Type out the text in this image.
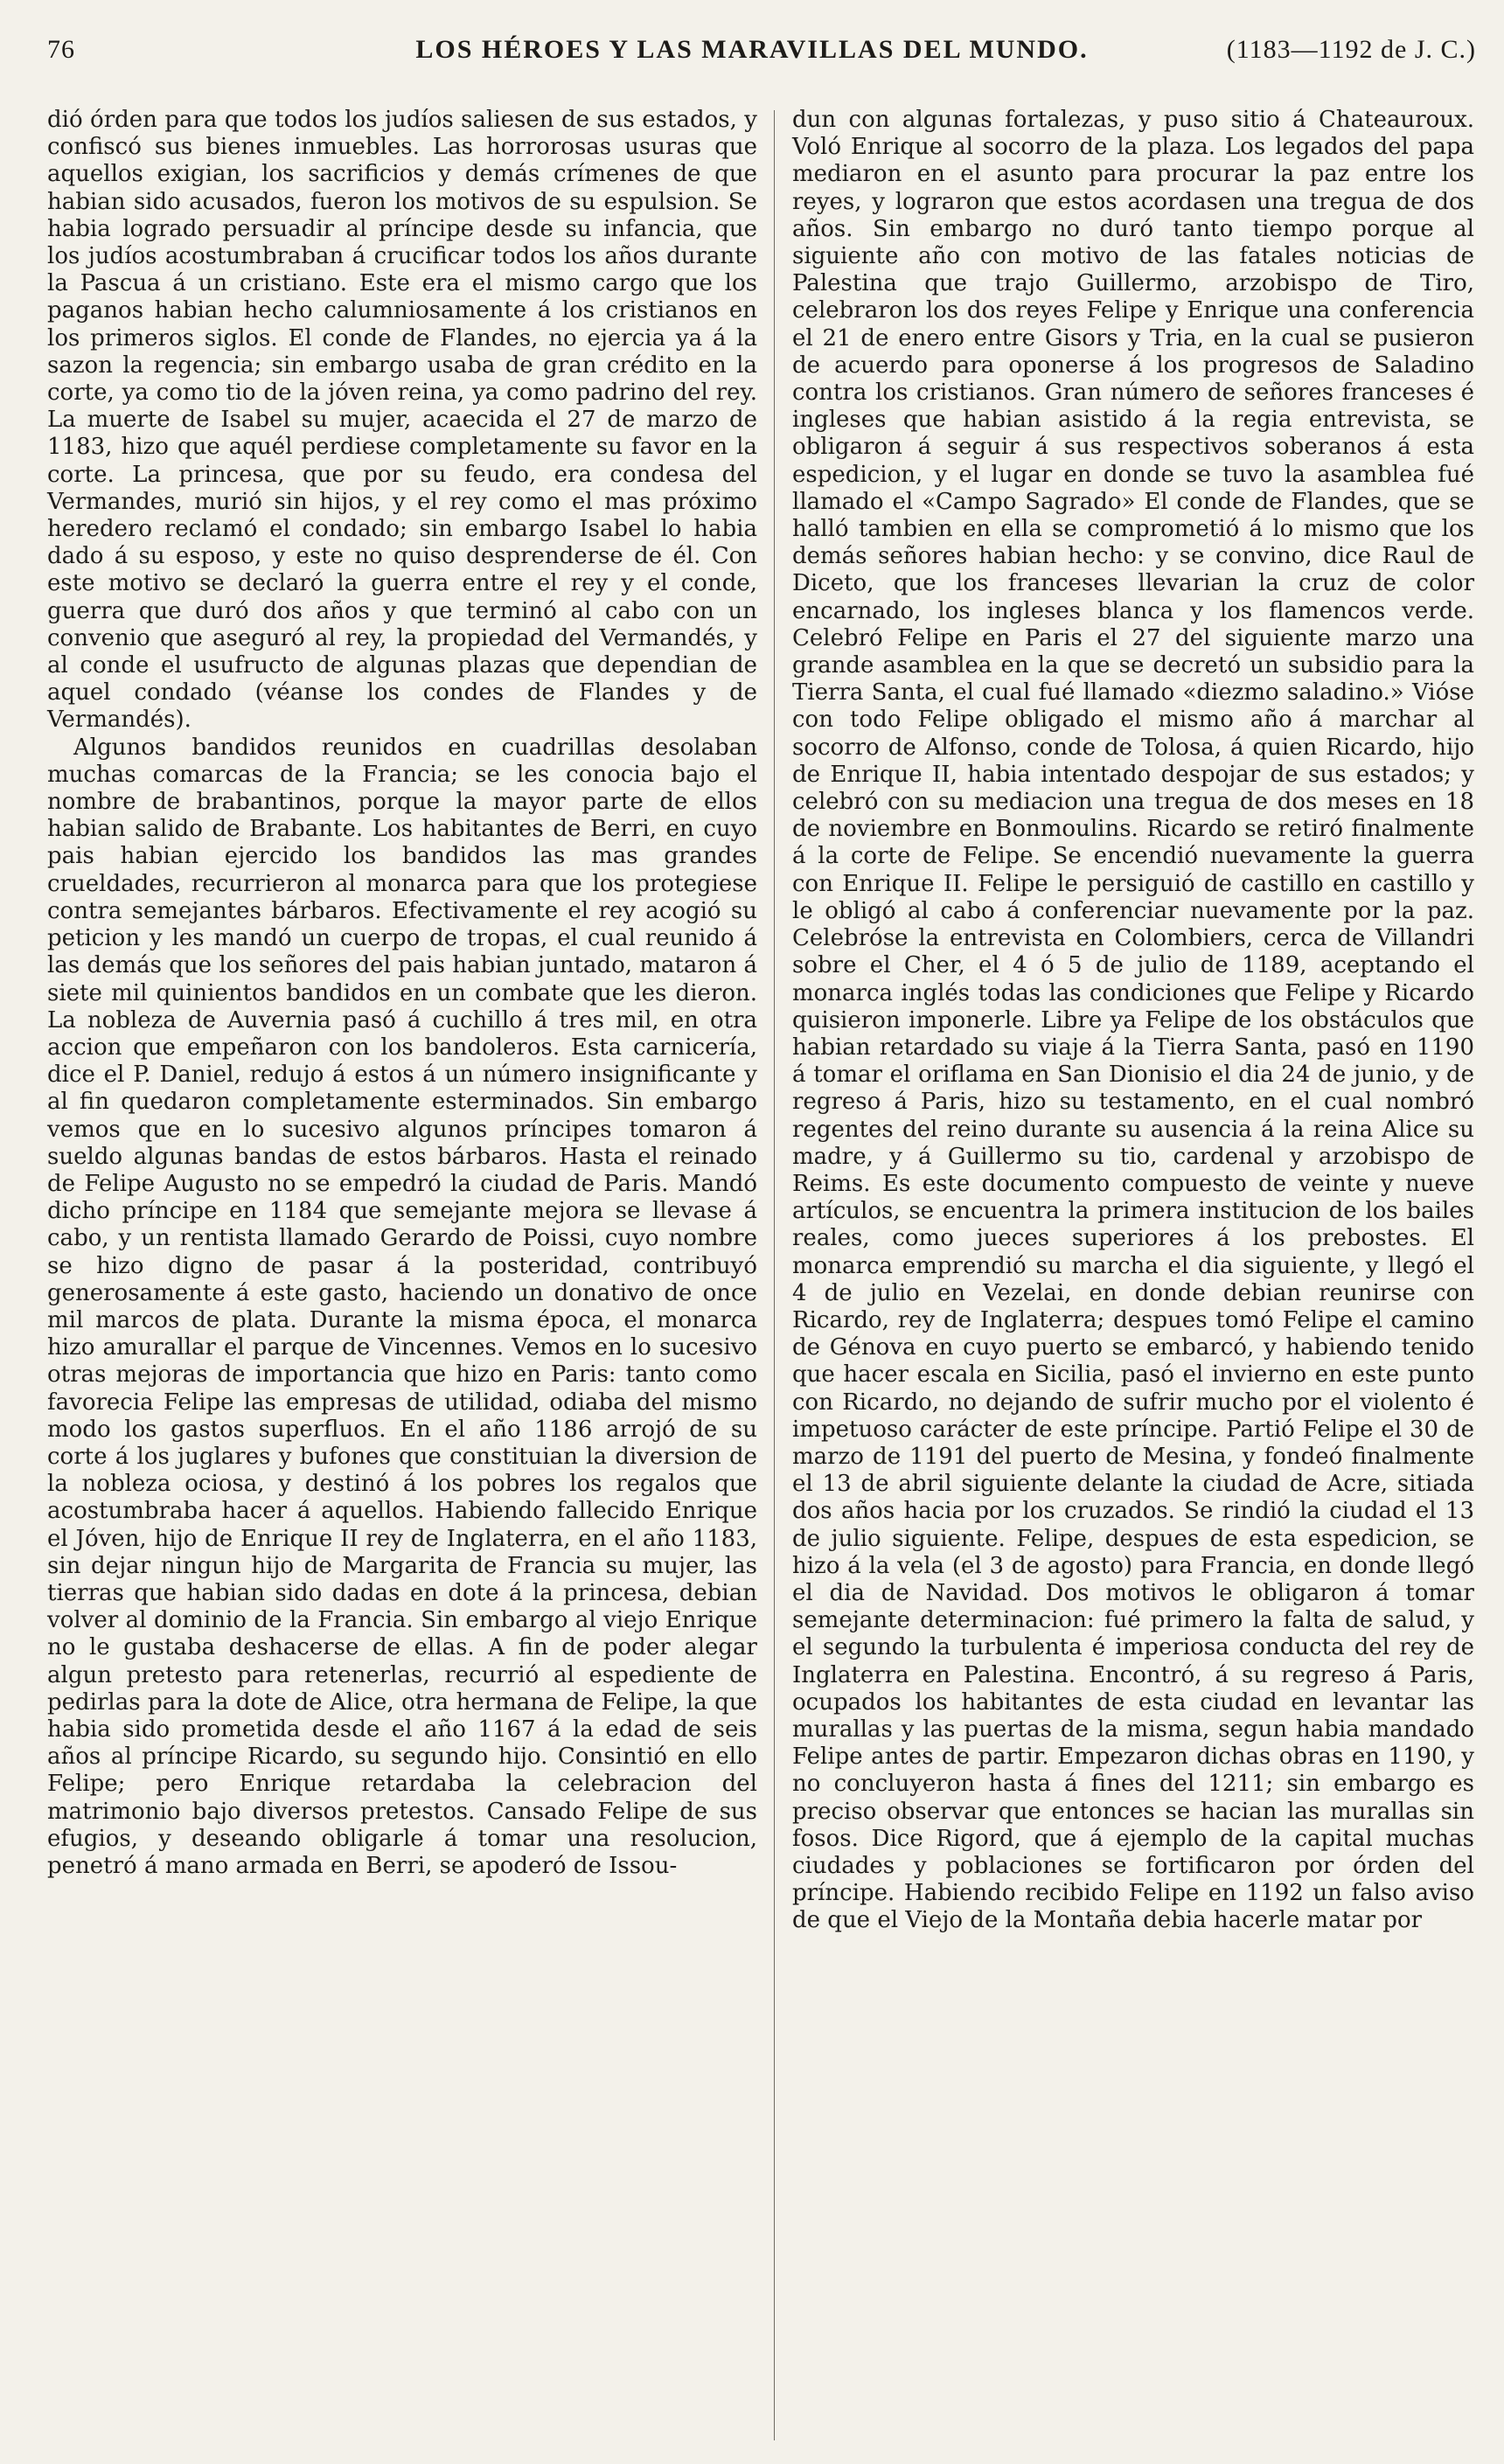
76	LOS HÉROES Y LAS MARAVILLAS DEL MUNDO.	(1183—1192 de J. C.)

dió órden para que todos los judíos saliesen de sus estados, y confiscó sus bienes inmuebles. Las horrorosas usuras que aquellos exigian, los sacrificios y demás crímenes de que habian sido acusados, fueron los motivos de su espulsion. Se habia logrado persuadir al príncipe desde su infancia, que los judíos acostumbraban á crucificar todos los años durante la Pascua á un cristiano. Este era el mismo cargo que los paganos habian hecho calumniosamente á los cristianos en los primeros siglos. El conde de Flandes, no ejercia ya á la sazon la regencia; sin embargo usaba de gran crédito en la corte, ya como tio de la jóven reina, ya como padrino del rey. La muerte de Isabel su mujer, acaecida el 27 de marzo de 1183, hizo que aquél perdiese completamente su favor en la corte. La princesa, que por su feudo, era condesa del Vermandes, murió sin hijos, y el rey como el mas próximo heredero reclamó el condado; sin embargo Isabel lo habia dado á su esposo, y este no quiso desprenderse de él. Con este motivo se declaró la guerra entre el rey y el conde, guerra que duró dos años y que terminó al cabo con un convenio que aseguró al rey, la propiedad del Vermandés, y al conde el usufructo de algunas plazas que dependian de aquel condado (véanse los condes de Flandes y de Vermandés).

Algunos bandidos reunidos en cuadrillas desolaban muchas comarcas de la Francia; se les conocia bajo el nombre de brabantinos, porque la mayor parte de ellos habian salido de Brabante. Los habitantes de Berri, en cuyo pais habian ejercido los bandidos las mas grandes crueldades, recurrieron al monarca para que los protegiese contra semejantes bárbaros. Efectivamente el rey acogió su peticion y les mandó un cuerpo de tropas, el cual reunido á las demás que los señores del pais habian juntado, mataron á siete mil quinientos bandidos en un combate que les dieron. La nobleza de Auvernia pasó á cuchillo á tres mil, en otra accion que empeñaron con los bandoleros. Esta carnicería, dice el P. Daniel, redujo á estos á un número insignificante y al fin quedaron completamente esterminados. Sin embargo vemos que en lo sucesivo algunos príncipes tomaron á sueldo algunas bandas de estos bárbaros. Hasta el reinado de Felipe Augusto no se empedró la ciudad de Paris. Mandó dicho príncipe en 1184 que semejante mejora se llevase á cabo, y un rentista llamado Gerardo de Poissi, cuyo nombre se hizo digno de pasar á la posteridad, contribuyó generosamente á este gasto, haciendo un donativo de once mil marcos de plata. Durante la misma época, el monarca hizo amurallar el parque de Vincennes. Vemos en lo sucesivo otras mejoras de importancia que hizo en Paris: tanto como favorecia Felipe las empresas de utilidad, odiaba del mismo modo los gastos superfluos. En el año 1186 arrojó de su corte á los juglares y bufones que constituian la diversion de la nobleza ociosa, y destinó á los pobres los regalos que acostumbraba hacer á aquellos. Habiendo fallecido Enrique el Jóven, hijo de Enrique II rey de Inglaterra, en el año 1183, sin dejar ningun hijo de Margarita de Francia su mujer, las tierras que habian sido dadas en dote á la princesa, debian volver al dominio de la Francia. Sin embargo al viejo Enrique no le gustaba deshacerse de ellas. A fin de poder alegar algun pretesto para retenerlas, recurrió al espediente de pedirlas para la dote de Alice, otra hermana de Felipe, la que habia sido prometida desde el año 1167 á la edad de seis años al príncipe Ricardo, su segundo hijo. Consintió en ello Felipe; pero Enrique retardaba la celebracion del matrimonio bajo diversos pretestos. Cansado Felipe de sus efugios, y deseando obligarle á tomar una resolucion, penetró á mano armada en Berri, se apoderó de Issou-

dun con algunas fortalezas, y puso sitio á Chateauroux. Voló Enrique al socorro de la plaza. Los legados del papa mediaron en el asunto para procurar la paz entre los reyes, y lograron que estos acordasen una tregua de dos años. Sin embargo no duró tanto tiempo porque al siguiente año con motivo de las fatales noticias de Palestina que trajo Guillermo, arzobispo de Tiro, celebraron los dos reyes Felipe y Enrique una conferencia el 21 de enero entre Gisors y Tria, en la cual se pusieron de acuerdo para oponerse á los progresos de Saladino contra los cristianos. Gran número de señores franceses é ingleses que habian asistido á la regia entrevista, se obligaron á seguir á sus respectivos soberanos á esta espedicion, y el lugar en donde se tuvo la asamblea fué llamado el «Campo Sagrado» El conde de Flandes, que se halló tambien en ella se comprometió á lo mismo que los demás señores habian hecho: y se convino, dice Raul de Diceto, que los franceses llevarian la cruz de color encarnado, los ingleses blanca y los flamencos verde. Celebró Felipe en Paris el 27 del siguiente marzo una grande asamblea en la que se decretó un subsidio para la Tierra Santa, el cual fué llamado «diezmo saladino.» Vióse con todo Felipe obligado el mismo año á marchar al socorro de Alfonso, conde de Tolosa, á quien Ricardo, hijo de Enrique II, habia intentado despojar de sus estados; y celebró con su mediacion una tregua de dos meses en 18 de noviembre en Bonmoulins. Ricardo se retiró finalmente á la corte de Felipe. Se encendió nuevamente la guerra con Enrique II. Felipe le persiguió de castillo en castillo y le obligó al cabo á conferenciar nuevamente por la paz. Celebróse la entrevista en Colombiers, cerca de Villandri sobre el Cher, el 4 ó 5 de julio de 1189, aceptando el monarca inglés todas las condiciones que Felipe y Ricardo quisieron imponerle. Libre ya Felipe de los obstáculos que habian retardado su viaje á la Tierra Santa, pasó en 1190 á tomar el oriflama en San Dionisio el dia 24 de junio, y de regreso á Paris, hizo su testamento, en el cual nombró regentes del reino durante su ausencia á la reina Alice su madre, y á Guillermo su tio, cardenal y arzobispo de Reims. Es este documento compuesto de veinte y nueve artículos, se encuentra la primera institucion de los bailes reales, como jueces superiores á los prebostes. El monarca emprendió su marcha el dia siguiente, y llegó el 4 de julio en Vezelai, en donde debian reunirse con Ricardo, rey de Inglaterra; despues tomó Felipe el camino de Génova en cuyo puerto se embarcó, y habiendo tenido que hacer escala en Sicilia, pasó el invierno en este punto con Ricardo, no dejando de sufrir mucho por el violento é impetuoso carácter de este príncipe. Partió Felipe el 30 de marzo de 1191 del puerto de Mesina, y fondeó finalmente el 13 de abril siguiente delante la ciudad de Acre, sitiada dos años hacia por los cruzados. Se rindió la ciudad el 13 de julio siguiente. Felipe, despues de esta espedicion, se hizo á la vela (el 3 de agosto) para Francia, en donde llegó el dia de Navidad. Dos motivos le obligaron á tomar semejante determinacion: fué primero la falta de salud, y el segundo la turbulenta é imperiosa conducta del rey de Inglaterra en Palestina. Encontró, á su regreso á Paris, ocupados los habitantes de esta ciudad en levantar las murallas y las puertas de la misma, segun habia mandado Felipe antes de partir. Empezaron dichas obras en 1190, y no concluyeron hasta á fines del 1211; sin embargo es preciso observar que entonces se hacian las murallas sin fosos. Dice Rigord, que á ejemplo de la capital muchas ciudades y poblaciones se fortificaron por órden del príncipe. Habiendo recibido Felipe en 1192 un falso aviso de que el Viejo de la Montaña debia hacerle matar por
